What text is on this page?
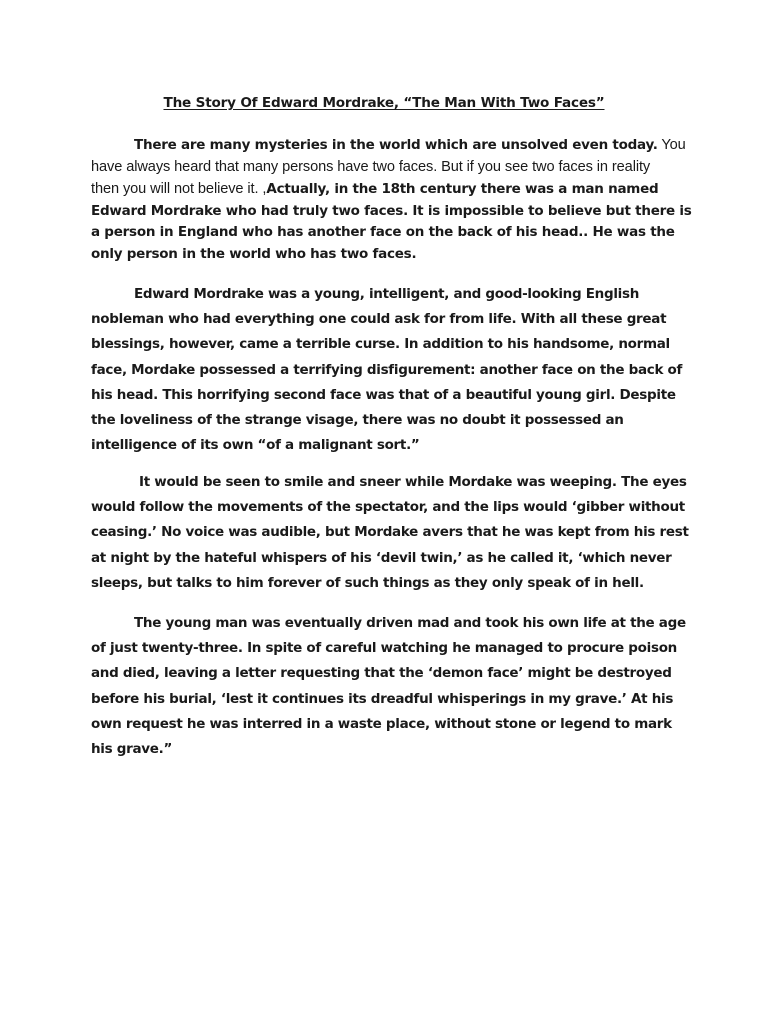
The Story Of Edward Mordrake, “The Man With Two Faces”
There are many mysteries in the world which are unsolved even today. You
have always heard that many persons have two faces. But if you see two faces in reality
then you will not believe it. ,Actually, in the 18th century there was a man named
Edward Mordrake who had truly two faces. It is impossible to believe but there is
a person in England who has another face on the back of his head.. He was the
only person in the world who has two faces.
Edward Mordrake was a young, intelligent, and good-looking English
nobleman who had everything one could ask for from life. With all these great
blessings, however, came a terrible curse. In addition to his handsome, normal
face, Mordake possessed a terrifying disfigurement: another face on the back of
his head. This horrifying second face was that of a beautiful young girl. Despite
the loveliness of the strange visage, there was no doubt it possessed an
intelligence of its own “of a malignant sort.”
It would be seen to smile and sneer while Mordake was weeping. The eyes
would follow the movements of the spectator, and the lips would ‘gibber without
ceasing.’ No voice was audible, but Mordake avers that he was kept from his rest
at night by the hateful whispers of his ‘devil twin,’ as he called it, ‘which never
sleeps, but talks to him forever of such things as they only speak of in hell.
The young man was eventually driven mad and took his own life at the age
of just twenty-three. In spite of careful watching he managed to procure poison
and died, leaving a letter requesting that the ‘demon face’ might be destroyed
before his burial, ‘lest it continues its dreadful whisperings in my grave.’ At his
own request he was interred in a waste place, without stone or legend to mark
his grave.”
